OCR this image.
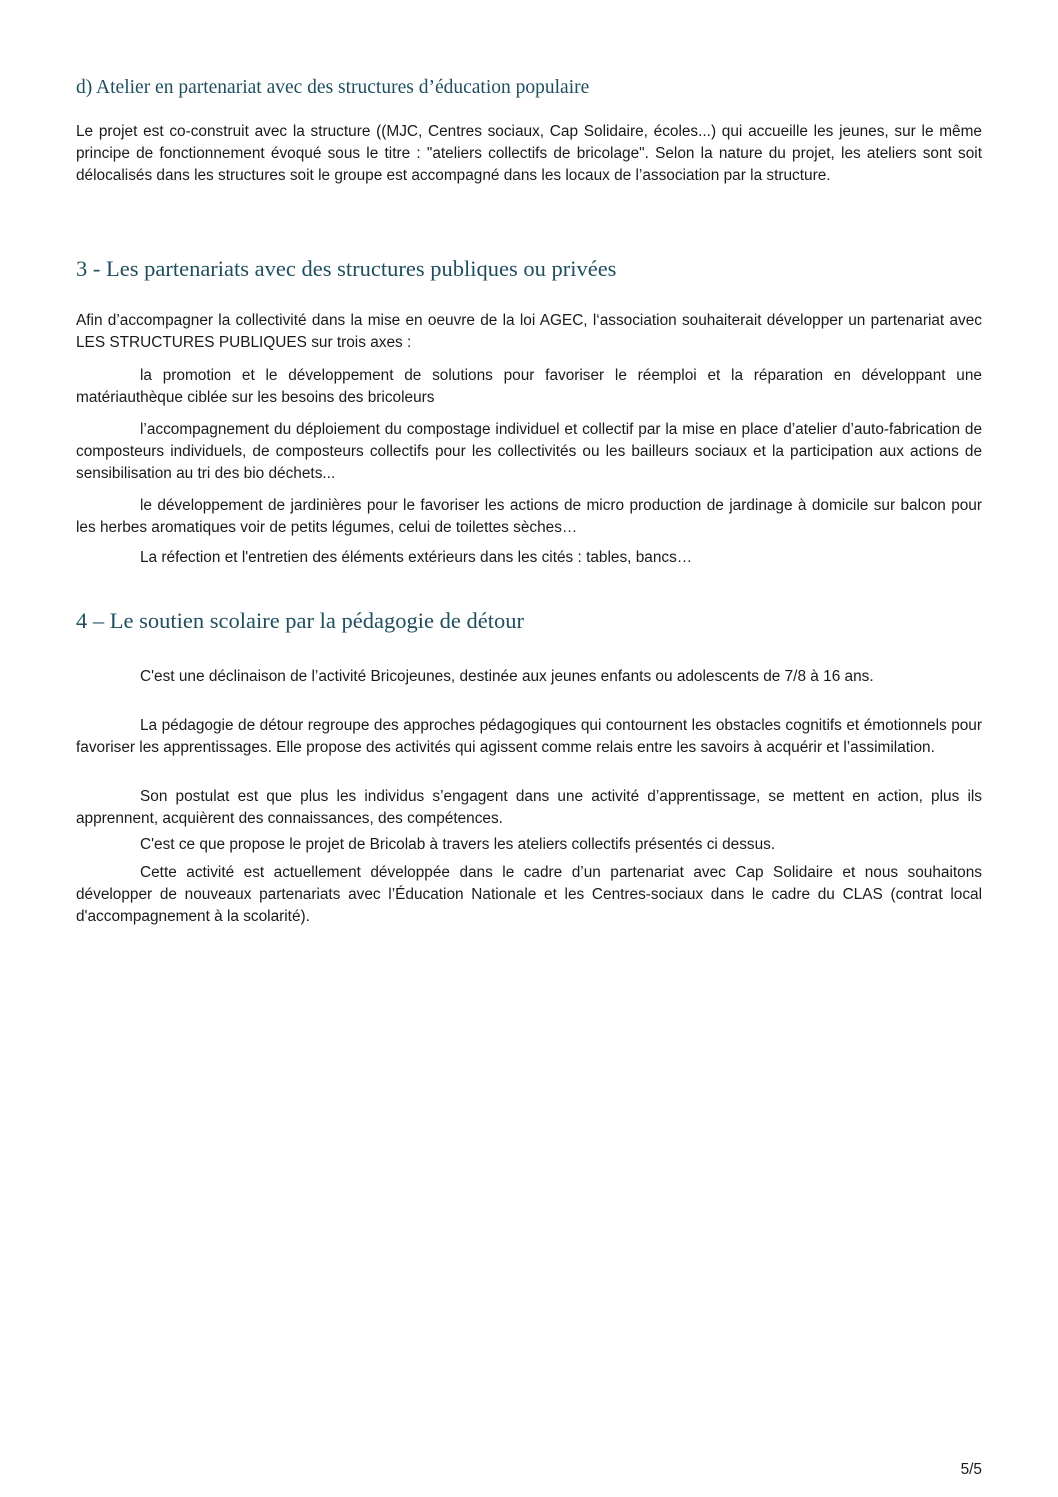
d) Atelier en partenariat avec des structures d’éducation populaire

Le projet est co-construit avec la structure ((MJC, Centres sociaux, Cap Solidaire, écoles...) qui accueille les jeunes, sur le même principe de fonctionnement évoqué sous le titre : "ateliers collectifs de bricolage". Selon la nature du projet, les ateliers sont soit délocalisés dans les structures soit le groupe est accompagné dans les locaux de l’association par la structure.

3 - Les partenariats avec des structures publiques ou privées

Afin d’accompagner la collectivité dans la mise en oeuvre de la loi AGEC, l‘association souhaiterait développer un partenariat avec LES STRUCTURES PUBLIQUES sur trois axes :

la promotion et le développement de solutions pour favoriser le réemploi et la réparation en développant une matériauthèque ciblée sur les besoins des bricoleurs

l’accompagnement du déploiement du compostage individuel et collectif par la mise en place d’atelier d’auto-fabrication de composteurs individuels, de composteurs collectifs pour les collectivités ou les bailleurs sociaux et la participation aux actions de sensibilisation au tri des bio déchets...

le développement de jardinières pour le favoriser les actions de micro production de jardinage à domicile sur balcon pour les herbes aromatiques voir de petits légumes, celui de toilettes sèches…

La réfection et l'entretien des éléments extérieurs dans les cités : tables, bancs…

4 – Le soutien scolaire par la pédagogie de détour

C'est une déclinaison de l’activité Bricojeunes, destinée aux jeunes enfants ou adolescents de 7/8 à 16 ans.

La pédagogie de détour regroupe des approches pédagogiques qui contournent les obstacles cognitifs et émotionnels pour favoriser les apprentissages. Elle propose des activités qui agissent comme relais entre les savoirs à acquérir et l’assimilation.

Son postulat est que plus les individus s’engagent dans une activité d’apprentissage, se mettent en action, plus ils apprennent, acquièrent des connaissances, des compétences.

C'est ce que propose le projet de Bricolab à travers les ateliers collectifs présentés ci dessus.

Cette activité est actuellement développée dans le cadre d’un partenariat avec Cap Solidaire et nous souhaitons développer de nouveaux partenariats avec l’Éducation Nationale et les Centres-sociaux dans le cadre du CLAS (contrat local d'accompagnement à la scolarité).

5/5
